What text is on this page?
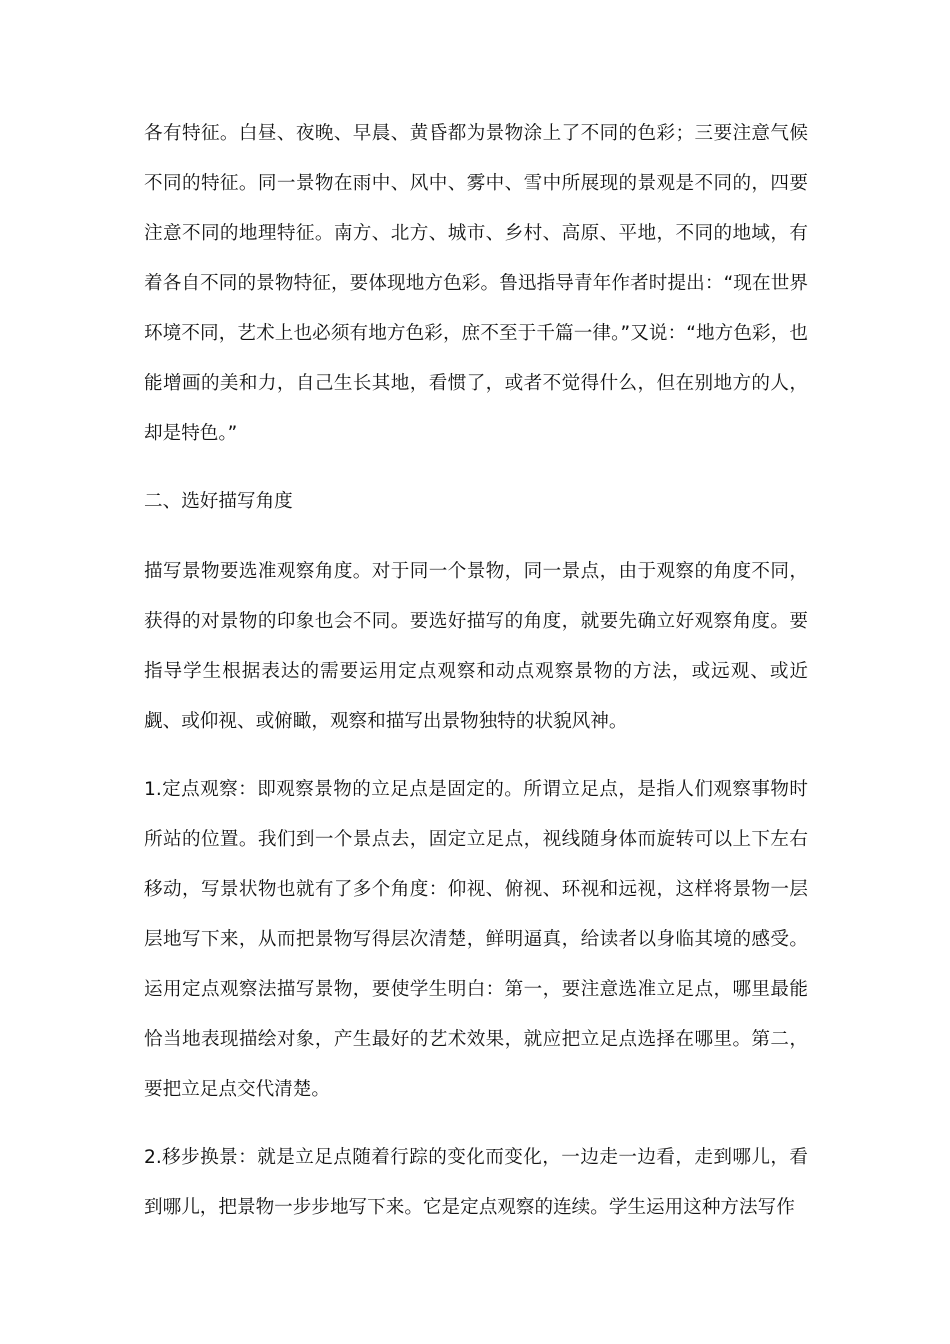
各有特征。白昼、夜晚、早晨、黄昏都为景物涂上了不同的色彩；三要注意气候不同的特征。同一景物在雨中、风中、雾中、雪中所展现的景观是不同的，四要注意不同的地理特征。南方、北方、城市、乡村、高原、平地，不同的地域，有着各自不同的景物特征，要体现地方色彩。鲁迅指导青年作者时提出：“现在世界环境不同，艺术上也必须有地方色彩，庶不至于千篇一律。”又说：“地方色彩，也能增画的美和力，自己生长其地，看惯了，或者不觉得什么，但在别地方的人，却是特色。”

二、选好描写角度

描写景物要选准观察角度。对于同一个景物，同一景点，由于观察的角度不同，获得的对景物的印象也会不同。要选好描写的角度，就要先确立好观察角度。要指导学生根据表达的需要运用定点观察和动点观察景物的方法，或远观、或近觑、或仰视、或俯瞰，观察和描写出景物独特的状貌风神。

1.定点观察：即观察景物的立足点是固定的。所谓立足点，是指人们观察事物时所站的位置。我们到一个景点去，固定立足点，视线随身体而旋转可以上下左右移动，写景状物也就有了多个角度：仰视、俯视、环视和远视，这样将景物一层层地写下来，从而把景物写得层次清楚，鲜明逼真，给读者以身临其境的感受。运用定点观察法描写景物，要使学生明白：第一，要注意选准立足点，哪里最能恰当地表现描绘对象，产生最好的艺术效果，就应把立足点选择在哪里。第二，要把立足点交代清楚。

2.移步换景：就是立足点随着行踪的变化而变化，一边走一边看，走到哪儿，看到哪儿，把景物一步步地写下来。它是定点观察的连续。学生运用这种方法写作
